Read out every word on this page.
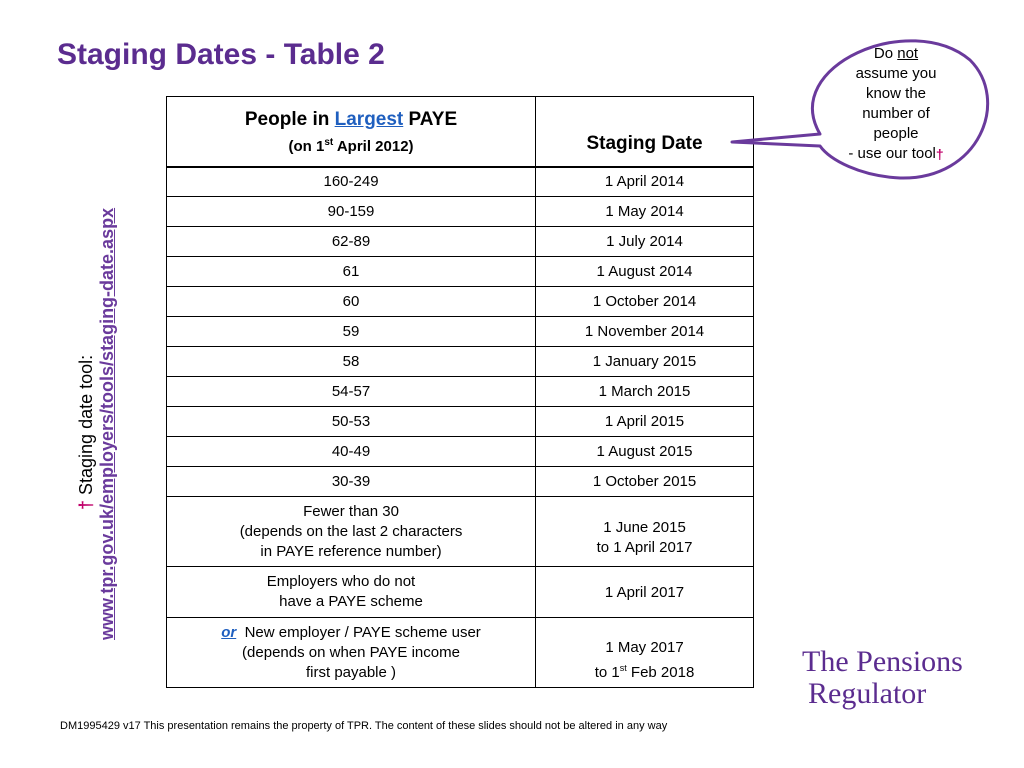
Staging Dates - Table 2
† Staging date tool: www.tpr.gov.uk/employers/tools/staging-date.aspx
People in Largest PAYE
(on 1st April 2012)	Staging Date

160-249	1 April 2014
90-159	1 May 2014
62-89	1 July 2014
61	1 August 2014
60	1 October 2014
59	1 November 2014
58	1 January 2015
54-57	1 March 2015
50-53	1 April 2015
40-49	1 August 2015
30-39	1 October 2015

Fewer than 30
(depends on the last 2 characters
in PAYE reference number)	1 June 2015
to 1 April 2017

Employers who do not
have a PAYE scheme	1 April 2017

or New employer / PAYE scheme user
(depends on when PAYE income
first payable )	1 May 2017
to 1st Feb 2018
Do not
assume you
know the
number of
people
- use our tool†
The Pensions
Regulator
DM1995429 v17 This presentation remains the property of TPR. The content of these slides should not be altered in any way
